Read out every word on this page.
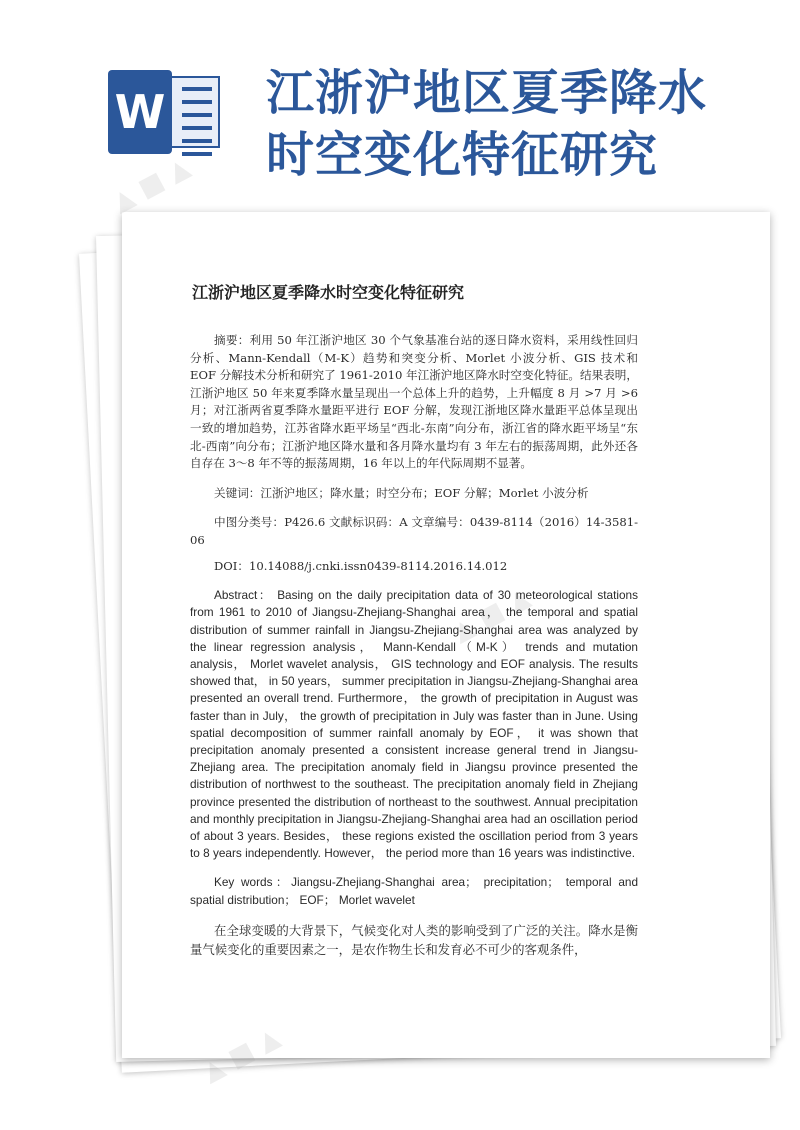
W 江浙沪地区夏季降水时空变化特征研究
▲ ■ ▲
江浙沪地区夏季降水时空变化特征研究

摘要：利用 50 年江浙沪地区 30 个气象基准台站的逐日降水资料，采用线性回归分析、Mann-Kendall（M-K）趋势和突变分析、Morlet 小波分析、GIS 技术和 EOF 分解技术分析和研究了 1961-2010 年江浙沪地区降水时空变化特征。结果表明，江浙沪地区 50 年来夏季降水量呈现出一个总体上升的趋势，上升幅度 8 月 >7 月 >6 月；对江浙两省夏季降水量距平进行 EOF 分解，发现江浙地区降水量距平总体呈现出一致的增加趋势，江苏省降水距平场呈“西北-东南”向分布，浙江省的降水距平场呈“东北-西南”向分布；江浙沪地区降水量和各月降水量均有 3 年左右的振荡周期，此外还各自存在 3～8 年不等的振荡周期，16 年以上的年代际周期不显著。

关键词：江浙沪地区；降水量；时空分布；EOF 分解；Morlet 小波分析

中图分类号：P426.6 文献标识码：A 文章编号：0439-8114（2016）14-3581-06

DOI：10.14088/j.cnki.issn0439-8114.2016.14.012

Abstract： Basing on the daily precipitation data of 30 meteorological stations from 1961 to 2010 of Jiangsu-Zhejiang-Shanghai area， the temporal and spatial distribution of summer rainfall in Jiangsu-Zhejiang-Shanghai area was analyzed by the linear regression analysis， Mann-Kendall（M-K） trends and mutation analysis， Morlet wavelet analysis， GIS technology and EOF analysis. The results showed that， in 50 years， summer precipitation in Jiangsu-Zhejiang-Shanghai area presented an overall trend. Furthermore， the growth of precipitation in August was faster than in July， the growth of precipitation in July was faster than in June. Using spatial decomposition of summer rainfall anomaly by EOF， it was shown that precipitation anomaly presented a consistent increase general trend in Jiangsu-Zhejiang area. The precipitation anomaly field in Jiangsu province presented the distribution of northwest to the southeast. The precipitation anomaly field in Zhejiang province presented the distribution of northeast to the southwest. Annual precipitation and monthly precipitation in Jiangsu-Zhejiang-Shanghai area had an oscillation period of about 3 years. Besides， these regions existed the oscillation period from 3 years to 8 years independently. However， the period more than 16 years was indistinctive.

Key words：Jiangsu-Zhejiang-Shanghai area； precipitation； temporal and spatial distribution； EOF； Morlet wavelet

在全球变暖的大背景下，气候变化对人类的影响受到了广泛的关注。降水是衡量气候变化的重要因素之一，是农作物生长和发育必不可少的客观条件，
